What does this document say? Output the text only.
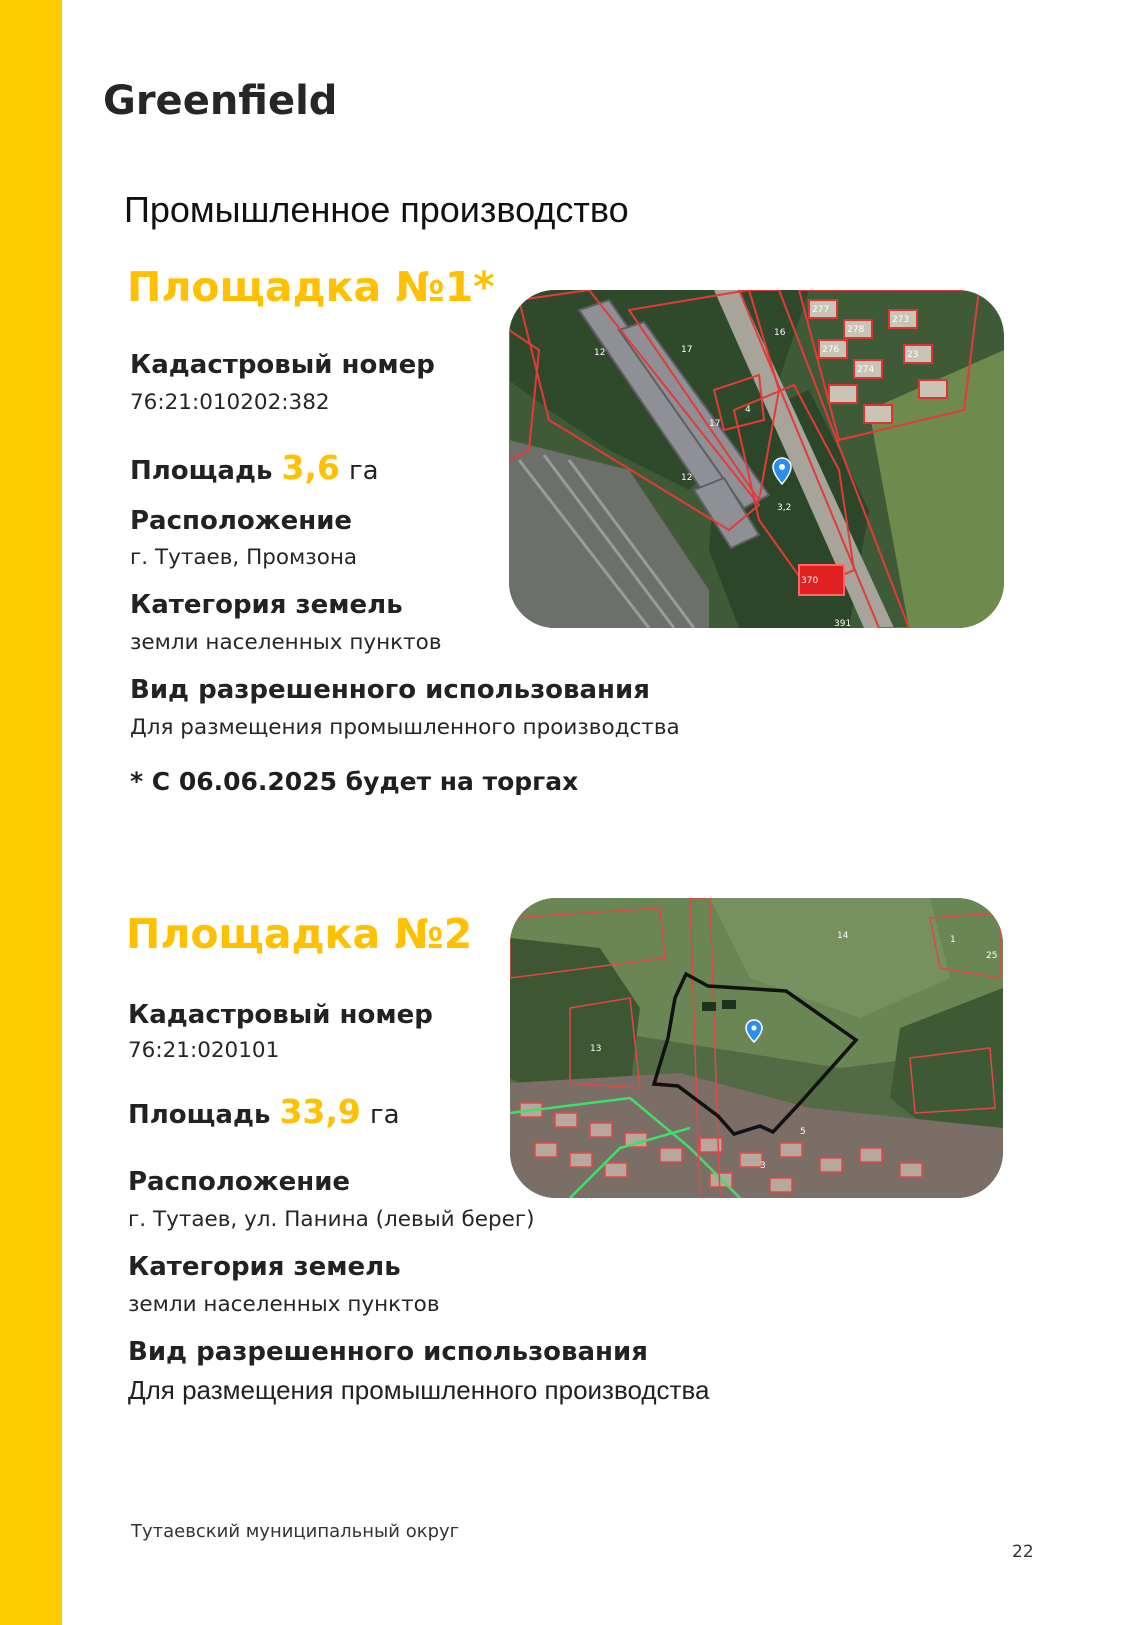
Greenfield
Промышленное производство
Площадка №1*
Кадастровый номер
76:21:010202:382
Площадь 3,6 га
Расположение
г. Тутаев, Промзона
Категория земель
земли населенных пунктов
Вид разрешенного использования
Для размещения промышленного производства
* С 06.06.2025 будет на торгах
17
12
4
17
12
3,2
370
391
16
277
278
276
274
273
23
Площадка №2
Кадастровый номер
76:21:020101
Площадь 33,9 га
Расположение
г. Тутаев, ул. Панина (левый берег)
Категория земель
земли населенных пунктов
Вид разрешенного использования
Для размещения промышленного производства
14
13
1
3
5
25
Тутаевский муниципальный округ
22
